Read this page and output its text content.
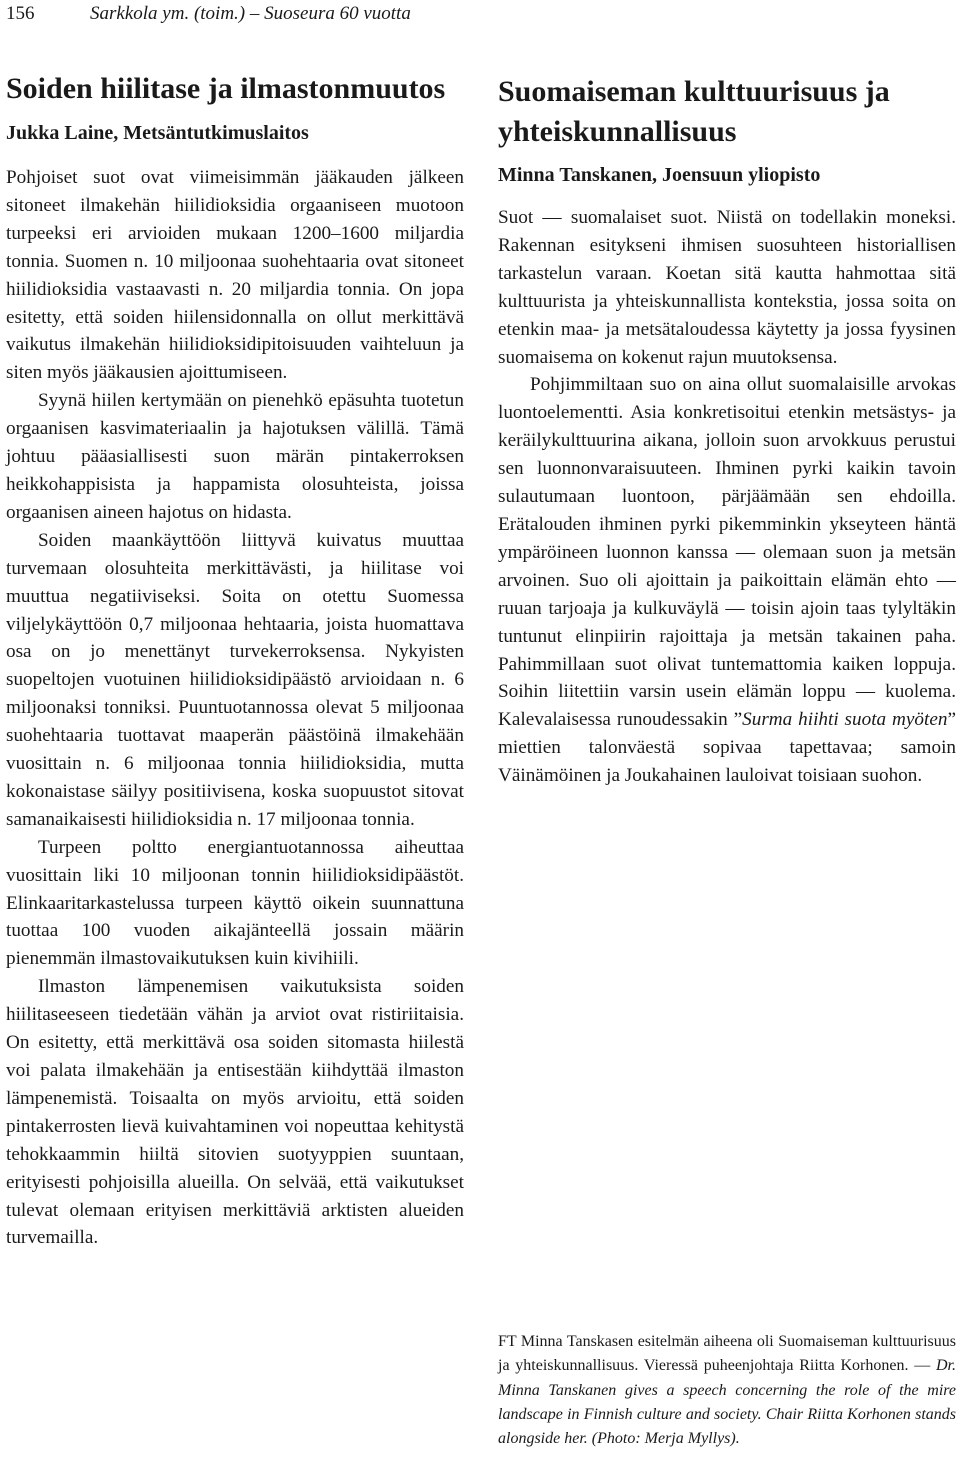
156	Sarkkola ym. (toim.) – Suoseura 60 vuotta
Soiden hiilitase ja ilmastonmuutos
Jukka Laine, Metsäntutkimuslaitos

Pohjoiset suot ovat viimeisimmän jääkauden jälkeen sitoneet ilmakehän hiilidioksidia orgaaniseen muotoon turpeeksi eri arvioiden mukaan 1200–1600 miljardia tonnia. Suomen n. 10 miljoonaa suohehtaaria ovat sitoneet hiilidioksidia vastaavasti n. 20 miljardia tonnia. On jopa esitetty, että soiden hiilensidonnalla on ollut merkittävä vaikutus ilmakehän hiilidioksidipitoisuuden vaihteluun ja siten myös jääkausien ajoittumiseen.

Syynä hiilen kertymään on pienehkö epäsuhta tuotetun orgaanisen kasvimateriaalin ja hajotuksen välillä. Tämä johtuu pääasiallisesti suon märän pintakerroksen heikkohappisista ja happamista olosuhteista, joissa orgaanisen aineen hajotus on hidasta.

Soiden maankäyttöön liittyvä kuivatus muuttaa turvemaan olosuhteita merkittävästi, ja hiilitase voi muuttua negatiiviseksi. Soita on otettu Suomessa viljelykäyttöön 0,7 miljoonaa hehtaaria, joista huomattava osa on jo menettänyt turvekerroksensa. Nykyisten suopeltojen vuotuinen hiilidioksidipäästö arvioidaan n. 6 miljoonaksi tonniksi. Puuntuotannossa olevat 5 miljoonaa suohehtaaria tuottavat maaperän päästöinä ilmakehään vuosittain n. 6 miljoonaa tonnia hiilidioksidia, mutta kokonaistase säilyy positiivisena, koska suopuustot sitovat samanaikaisesti hiilidioksidia n. 17 miljoonaa tonnia.

Turpeen poltto energiantuotannossa aiheuttaa vuosittain liki 10 miljoonan tonnin hiilidioksidipäästöt. Elinkaaritarkastelussa turpeen käyttö oikein suunnattuna tuottaa 100 vuoden aikajänteellä jossain määrin pienemmän ilmastovaikutuksen kuin kivihiili.

Ilmaston lämpenemisen vaikutuksista soiden hiilitaseeseen tiedetään vähän ja arviot ovat ristiriitaisia. On esitetty, että merkittävä osa soiden sitomasta hiilestä voi palata ilmakehään ja entisestään kiihdyttää ilmaston lämpenemistä. Toisaalta on myös arvioitu, että soiden pintakerrosten lievä kuivahtaminen voi nopeuttaa kehitystä tehokkaammin hiiltä sitovien suotyyppien suuntaan, erityisesti pohjoisilla alueilla. On selvää, että vaikutukset tulevat olemaan erityisen merkittäviä arktisten alueiden turvemailla.

Suomaiseman kulttuurisuus ja
yhteiskunnallisuus
Minna Tanskanen, Joensuun yliopisto

Suot — suomalaiset suot. Niistä on todellakin moneksi. Rakennan esitykseni ihmisen suosuhteen historiallisen tarkastelun varaan. Koetan sitä kautta hahmottaa sitä kulttuurista ja yhteiskunnallista kontekstia, jossa soita on etenkin maa- ja metsätaloudessa käytetty ja jossa fyysinen suomaisema on kokenut rajun muutoksensa.

Pohjimmiltaan suo on aina ollut suomalaisille arvokas luontoelementti. Asia konkretisoitui etenkin metsästys- ja keräilykulttuurina aikana, jolloin suon arvokkuus perustui sen luonnonvaraisuuteen. Ihminen pyrki kaikin tavoin sulautumaan luontoon, pärjäämään sen ehdoilla. Erätalouden ihminen pyrki pikemminkin ykseyteen häntä ympäröineen luonnon kanssa — olemaan suon ja metsän arvoinen. Suo oli ajoittain ja paikoittain elämän ehto — ruuan tarjoaja ja kulkuväylä — toisin ajoin taas tylyltäkin tuntunut elinpiirin rajoittaja ja metsän takainen paha. Pahimmillaan suot olivat tuntemattomia kaiken loppuja. Soihin liitettiin varsin usein elämän loppu — kuolema. Kalevalaisessa runoudessakin ”Surma hiihti suota myöten” miettien talonväestä sopivaa tapettavaa; samoin Väinämöinen ja Joukahainen lauloivat toisiaan suohon.

FT Minna Tanskasen esitelmän aiheena oli Suomaiseman kulttuurisuus ja yhteiskunnallisuus. Vieressä puheenjohtaja Riitta Korhonen. — Dr. Minna Tanskanen gives a speech concerning the role of the mire landscape in Finnish culture and society. Chair Riitta Korhonen stands alongside her. (Photo: Merja Myllys).
